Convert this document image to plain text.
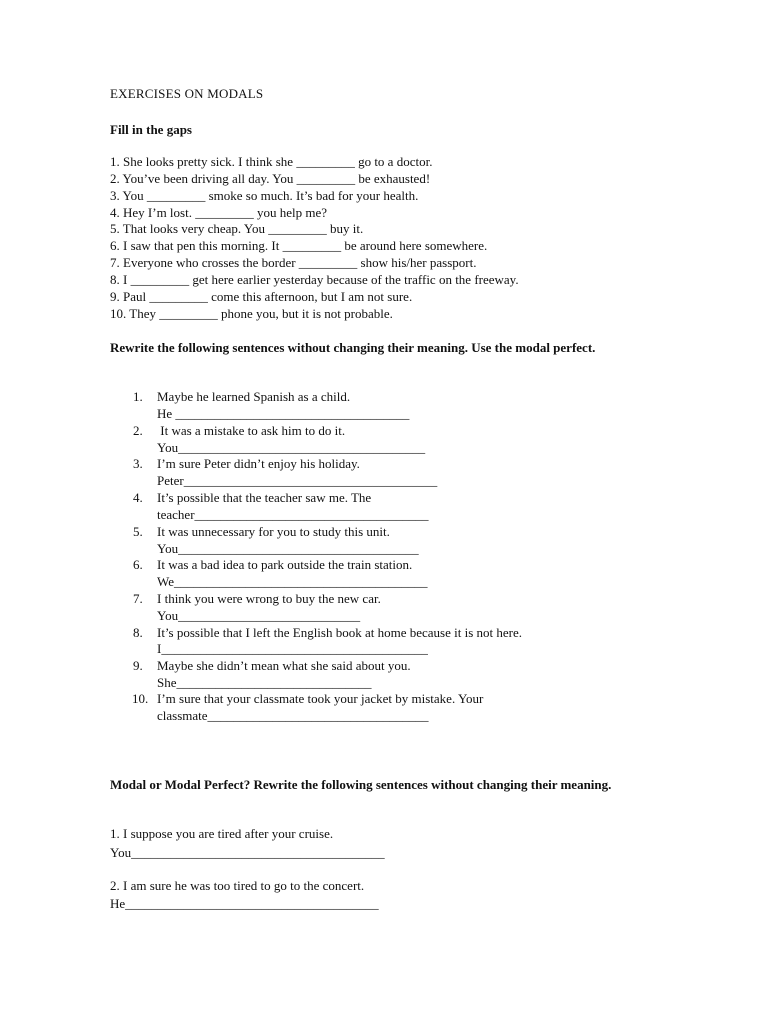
EXERCISES ON MODALS
Fill in the gaps
1. She looks pretty sick. I think she _________ go to a doctor.
2. You’ve been driving all day. You _________ be exhausted!
3. You _________ smoke so much. It’s bad for your health.
4. Hey I’m lost. _________ you help me?
5. That looks very cheap. You _________ buy it.
6. I saw that pen this morning. It _________ be around here somewhere.
7. Everyone who crosses the border _________ show his/her passport.
8. I _________ get here earlier yesterday because of the traffic on the freeway.
9. Paul _________ come this afternoon, but I am not sure.
10. They _________ phone you, but it is not probable.
Rewrite the following sentences without changing their meaning. Use the modal perfect.
1. Maybe he learned Spanish as a child.
He ____________________________________
2. It was a mistake to ask him to do it.
You______________________________________
3. I’m sure Peter didn’t enjoy his holiday.
Peter_______________________________________
4. It’s possible that the teacher saw me. The
teacher____________________________________
5. It was unnecessary for you to study this unit.
You_____________________________________
6. It was a bad idea to park outside the train station.
We_______________________________________
7. I think you were wrong to buy the new car.
You____________________________
8. It’s possible that I left the English book at home because it is not here.
I_________________________________________
9. Maybe she didn’t mean what she said about you.
She______________________________
10. I’m sure that your classmate took your jacket by mistake. Your
classmate__________________________________
Modal or Modal Perfect? Rewrite the following sentences without changing their meaning.
1. I suppose you are tired after your cruise.
You_______________________________________
2. I am sure he was too tired to go to the concert.
He_______________________________________
